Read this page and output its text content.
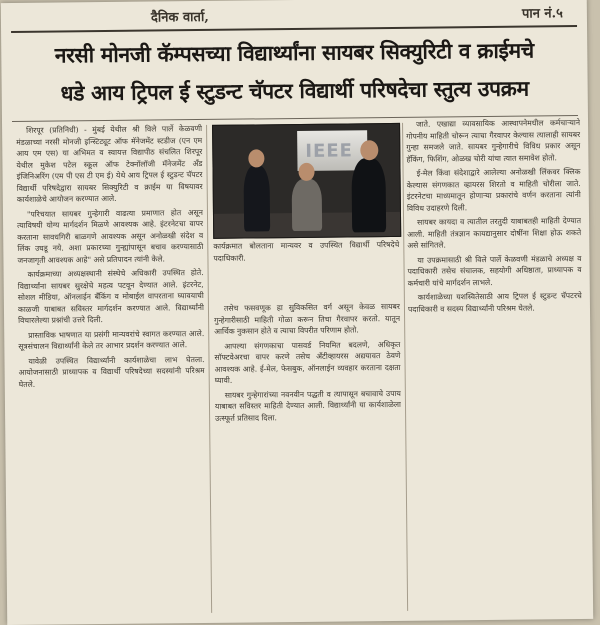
दैनिक वार्ता,	पान नं.५
नरसी मोनजी कॅम्पसच्या विद्यार्थ्यांना सायबर सिक्युरिटी व क्राईमचे
धडे आय ट्रिपल ई स्टुडन्ट चॅपटर विद्यार्थी परिषदेचा स्तुत्य उपक्रम

शिरपूर (प्रतिनिधी) - मुंबई येथील श्री विले पार्ले केळवणी मंडळाच्या नरसी मोनजी इन्स्टिट्यूट ऑफ मॅनेजमेंट स्टडीज (एन एम आय एम एस) या अभिमत व स्वायत्त विद्यापीठ संचलित शिरपूर येथील मुकेश पटेल स्कूल ऑफ टेक्नॉलॉजी मॅनेजमेंट अँड इंजिनिअरिंग (एम पी एस टी एम ई) येथे आय ट्रिपल ई स्टुडन्ट चॅपटर विद्यार्थी परिषदेद्वारा सायबर सिक्युरिटी व क्राईम या विषयावर कार्यशाळेचे आयोजन करण्यात आले.

"परिचयात सायबर गुन्हेगारी वाढत्या प्रमाणात होत असून त्याविषयी योग्य मार्गदर्शन मिळणे आवश्यक आहे. इंटरनेटचा वापर करताना सावधगिरी बाळगणे आवश्यक असून अनोळखी संदेश व लिंक उघडू नये. अशा प्रकारच्या गुन्ह्यांपासून बचाव करण्यासाठी जनजागृती आवश्यक आहे" असे प्रतिपादन त्यांनी केले.

कार्यक्रमाच्या अध्यक्षस्थानी संस्थेचे अधिकारी उपस्थित होते. विद्यार्थ्यांना सायबर सुरक्षेचे महत्व पटवून देण्यात आले. इंटरनेट, सोशल मीडिया, ऑनलाईन बँकिंग व मोबाईल वापरताना घ्यावयाची काळजी याबाबत सविस्तर मार्गदर्शन करण्यात आले. विद्यार्थ्यांनी विचारलेल्या प्रश्नांची उत्तरे दिली.

प्रास्ताविक भाषणात या प्रसंगी मान्यवरांचे स्वागत करण्यात आले. सूत्रसंचालन विद्यार्थ्यांनी केले तर आभार प्रदर्शन करण्यात आले.

यावेळी उपस्थित विद्यार्थ्यांनी कार्यशाळेचा लाभ घेतला. आयोजनासाठी प्राध्यापक व विद्यार्थी परिषदेच्या सदस्यांनी परिश्रम घेतले.

IEEE
कार्यक्रमात बोलताना मान्यवर व उपस्थित विद्यार्थी परिषदेचे पदाधिकारी.

तसेच फसवणूक हा सुविकसित वर्ग असून केवळ सायबर गुन्हेगारीसाठी माहिती गोळा करून तिचा गैरवापर करतो. यातून आर्थिक नुकसान होते व त्याचा विपरीत परिणाम होतो.

आपल्या संगणकाचा पासवर्ड नियमित बदलणे, अधिकृत सॉफ्टवेअरचा वापर करणे तसेच अँटीव्हायरस अद्ययावत ठेवणे आवश्यक आहे. ई-मेल, फेसबुक, ऑनलाईन व्यवहार करताना दक्षता घ्यावी.

सायबर गुन्हेगारांच्या नवनवीन पद्धती व त्यापासून बचावाचे उपाय याबाबत सविस्तर माहिती देण्यात आली. विद्यार्थ्यांनी या कार्यशाळेला उत्स्फूर्त प्रतिसाद दिला.

जाते. एखाद्या व्यावसायिक आस्थापनेमधील कर्मचाऱ्याने गोपनीय माहिती चोरून त्याचा गैरवापर केल्यास त्यालाही सायबर गुन्हा समजले जाते. सायबर गुन्हेगारीचे विविध प्रकार असून हॅकिंग, फिशिंग, ओळख चोरी यांचा त्यात समावेश होतो.

ई-मेल किंवा संदेशाद्वारे आलेल्या अनोळखी लिंकवर क्लिक केल्यास संगणकात व्हायरस शिरतो व माहिती चोरीला जाते. इंटरनेटचा माध्यमातून होणाऱ्या प्रकारांचे वर्णन करताना त्यांनी विविध उदाहरणे दिली.

सायबर कायदा व त्यातील तरतुदी याबाबतही माहिती देण्यात आली. माहिती तंत्रज्ञान कायद्यानुसार दोषींना शिक्षा होऊ शकते असे सांगितले.

या उपक्रमासाठी श्री विले पार्ले केळवणी मंडळाचे अध्यक्ष व पदाधिकारी तसेच संचालक, सहयोगी अधिष्ठाता, प्राध्यापक व कर्मचारी यांचे मार्गदर्शन लाभले.

कार्यशाळेच्या यशस्वितेसाठी आय ट्रिपल ई स्टुडन्ट चॅपटरचे पदाधिकारी व सदस्य विद्यार्थ्यांनी परिश्रम घेतले.
